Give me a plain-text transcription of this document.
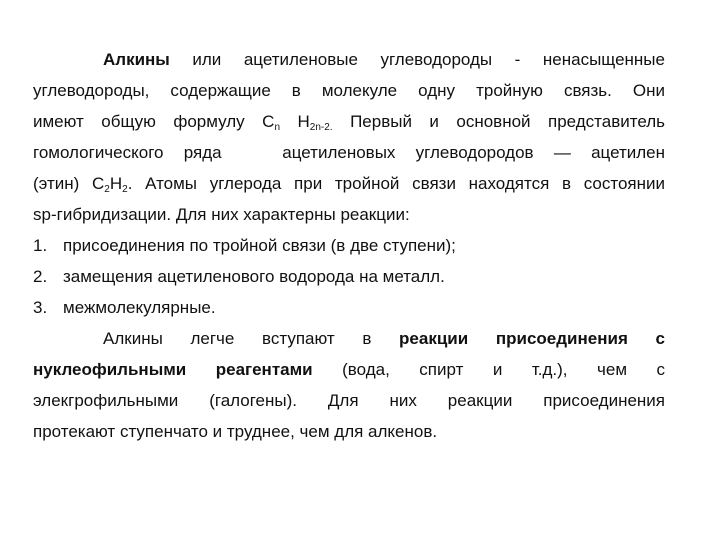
Алкины или ацетиленовые углеводороды - ненасыщенные
углеводороды, содержащие в молекуле одну тройную связь. Они
имеют общую формулу $C_n$ $H_{2n-2.}$ Первый и основной представитель
гомологического ряда   ацетиленовых углеводородов — ацетилен
(этин) $C_2H_2$. Атомы углерода при тройной связи находятся в состоянии
sp-гибридизации. Для них характерны реакции:
1. присоединения по тройной связи (в две ступени);
2. замещения ацетиленового водорода на металл.
3. межмолекулярные.
Алкины легче вступают в реакции присоединения с
нуклеофильными реагентами (вода, спирт и т.д.), чем с
элекгрофильными (галогены). Для них реакции присоединения
протекают ступенчато и труднее, чем для алкенов.
